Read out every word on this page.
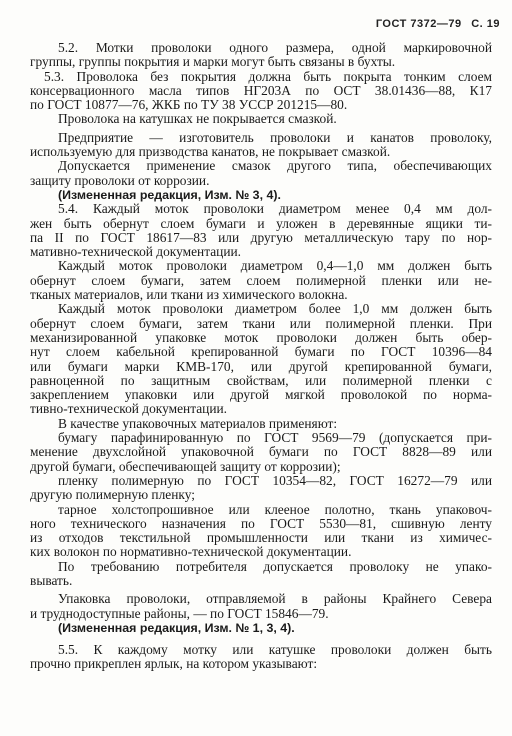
ГОСТ 7372—79 С. 19
5.2. Мотки проволоки одного размера, одной маркировочной
группы, группы покрытия и марки могут быть связаны в бухты.
5.3. Проволока без покрытия должна быть покрыта тонким слоем
консервационного масла типов НГ203А по ОСТ 38.01436—88, К17
по ГОСТ 10877—76, ЖКБ по ТУ 38 УССР 201215—80.
Проволока на катушках не покрывается смазкой.
Предприятие — изготовитель проволоки и канатов проволоку,
используемую для призводства канатов, не покрывает смазкой.
Допускается применение смазок другого типа, обеспечивающих
защиту проволоки от коррозии.
(Измененная редакция, Изм. № 3, 4).
5.4. Каждый моток проволоки диаметром менее 0,4 мм дол-
жен быть обернут слоем бумаги и уложен в деревянные ящики ти-
па II по ГОСТ 18617—83 или другую металлическую тару по нор-
мативно-технической документации.
Каждый моток проволоки диаметром 0,4—1,0 мм должен быть
обернут слоем бумаги, затем слоем полимерной пленки или не-
тканых материалов, или ткани из химического волокна.
Каждый моток проволоки диаметром более 1,0 мм должен быть
обернут слоем бумаги, затем ткани или полимерной пленки. При
механизированной упаковке моток проволоки должен быть обер-
нут слоем кабельной крепированной бумаги по ГОСТ 10396—84
или бумаги марки КМВ-170, или другой крепированной бумаги,
равноценной по защитным свойствам, или полимерной пленки с
закреплением упаковки или другой мягкой проволокой по норма-
тивно-технической документации.
В качестве упаковочных материалов применяют:
бумагу парафинированную по ГОСТ 9569—79 (допускается при-
менение двухслойной упаковочной бумаги по ГОСТ 8828—89 или
другой бумаги, обеспечивающей защиту от коррозии);
пленку полимерную по ГОСТ 10354—82, ГОСТ 16272—79 или
другую полимерную пленку;
тарное холстопрошивное или клееное полотно, ткань упаковоч-
ного технического назначения по ГОСТ 5530—81, сшивную ленту
из отходов текстильной промышленности или ткани из химичес-
ких волокон по нормативно-технической документации.
По требованию потребителя допускается проволоку не упако-
вывать.
Упаковка проволоки, отправляемой в районы Крайнего Севера
и труднодоступные районы, — по ГОСТ 15846—79.
(Измененная редакция, Изм. № 1, 3, 4).
5.5. К каждому мотку или катушке проволоки должен быть
прочно прикреплен ярлык, на котором указывают:
